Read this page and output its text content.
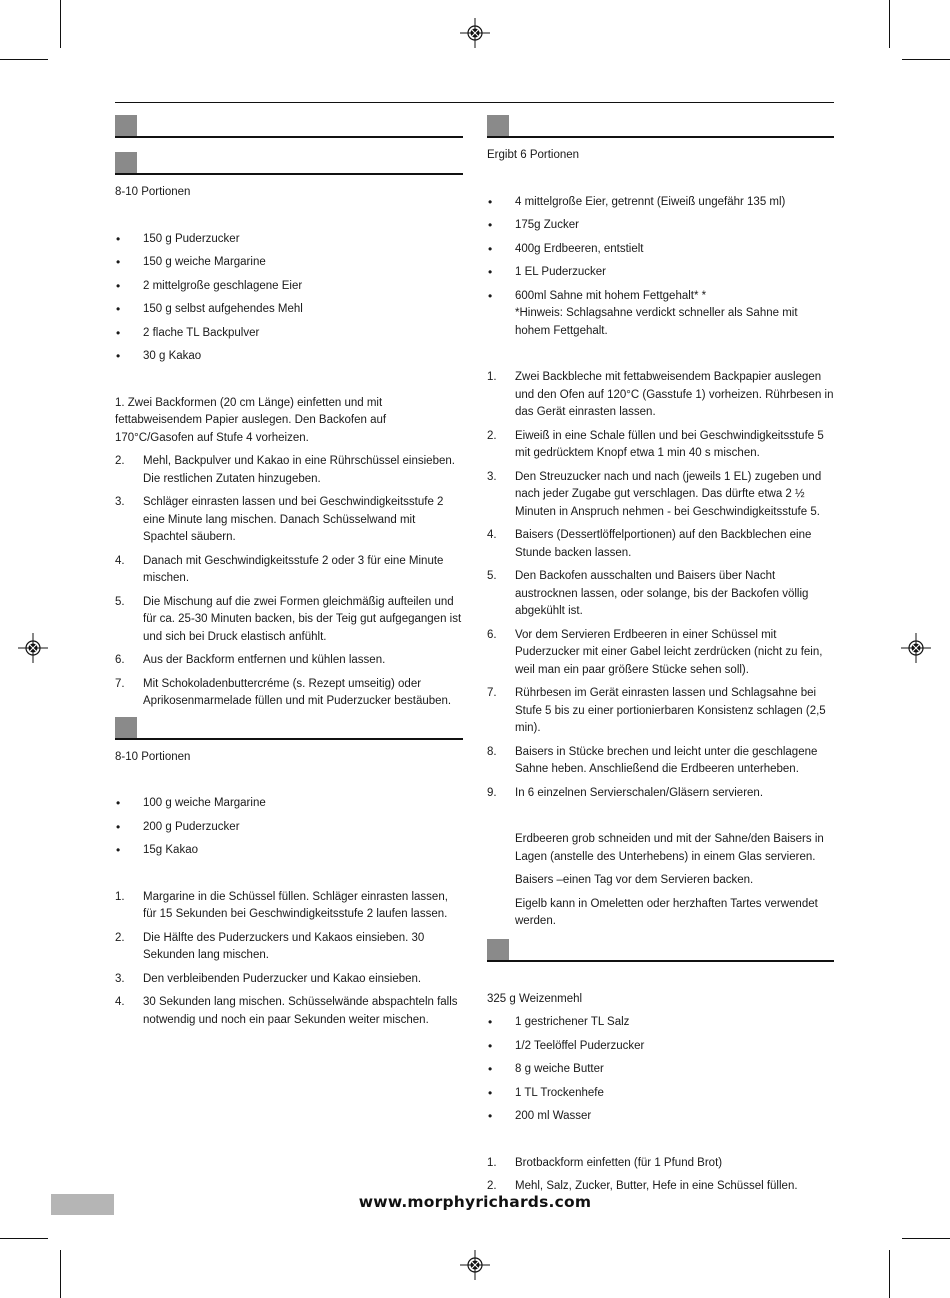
8-10 Portionen

• 150 g Puderzucker

• 150 g weiche Margarine

• 2 mittelgroße geschlagene Eier

• 150 g selbst aufgehendes Mehl

• 2 flache TL Backpulver

• 30 g Kakao

1. Zwei Backformen (20 cm Länge) einfetten und mit fettabweisendem Papier auslegen. Den Backofen auf 170°C/Gasofen auf Stufe 4 vorheizen.

2. Mehl, Backpulver und Kakao in eine Rührschüssel einsieben. Die restlichen Zutaten hinzugeben.

3. Schläger einrasten lassen und bei Geschwindigkeitsstufe 2 eine Minute lang mischen. Danach Schüsselwand mit Spachtel säubern.

4. Danach mit Geschwindigkeitsstufe 2 oder 3 für eine Minute mischen.

5. Die Mischung auf die zwei Formen gleichmäßig aufteilen und für ca. 25-30 Minuten backen, bis der Teig gut aufgegangen ist und sich bei Druck elastisch anfühlt.

6. Aus der Backform entfernen und kühlen lassen.

7. Mit Schokoladenbuttercréme (s. Rezept umseitig) oder Aprikosenmarmelade füllen und mit Puderzucker bestäuben.

8-10 Portionen

• 100 g weiche Margarine

• 200 g Puderzucker

• 15g Kakao

1. Margarine in die Schüssel füllen. Schläger einrasten lassen, für 15 Sekunden bei Geschwindigkeitsstufe 2 laufen lassen.

2. Die Hälfte des Puderzuckers und Kakaos einsieben. 30 Sekunden lang mischen.

3. Den verbleibenden Puderzucker und Kakao einsieben.

4. 30 Sekunden lang mischen. Schüsselwände abspachteln falls notwendig und noch ein paar Sekunden weiter mischen.

Ergibt 6 Portionen

• 4 mittelgroße Eier, getrennt (Eiweiß ungefähr 135 ml)

• 175g Zucker

• 400g Erdbeeren, entstielt

• 1 EL Puderzucker

• 600ml Sahne mit hohem Fettgehalt* *

*Hinweis: Schlagsahne verdickt schneller als Sahne mit hohem Fettgehalt.

1. Zwei Backbleche mit fettabweisendem Backpapier auslegen und den Ofen auf 120°C (Gasstufe 1) vorheizen. Rührbesen in das Gerät einrasten lassen.

2. Eiweiß in eine Schale füllen und bei Geschwindigkeitsstufe 5 mit gedrücktem Knopf etwa 1 min 40 s mischen.

3. Den Streuzucker nach und nach (jeweils 1 EL) zugeben und nach jeder Zugabe gut verschlagen. Das dürfte etwa 2 ½ Minuten in Anspruch nehmen - bei Geschwindigkeitsstufe 5.

4. Baisers (Dessertlöffelportionen) auf den Backblechen eine Stunde backen lassen.

5. Den Backofen ausschalten und Baisers über Nacht austrocknen lassen, oder solange, bis der Backofen völlig abgekühlt ist.

6. Vor dem Servieren Erdbeeren in einer Schüssel mit Puderzucker mit einer Gabel leicht zerdrücken (nicht zu fein, weil man ein paar größere Stücke sehen soll).

7. Rührbesen im Gerät einrasten lassen und Schlagsahne bei Stufe 5 bis zu einer portionierbaren Konsistenz schlagen (2,5 min).

8. Baisers in Stücke brechen und leicht unter die geschlagene Sahne heben. Anschließend die Erdbeeren unterheben.

9. In 6 einzelnen Servierschalen/Gläsern servieren.

Erdbeeren grob schneiden und mit der Sahne/den Baisers in Lagen (anstelle des Unterhebens) in einem Glas servieren.

Baisers –einen Tag vor dem Servieren backen.

Eigelb kann in Omeletten oder herzhaften Tartes verwendet werden.

325 g Weizenmehl

• 1 gestrichener TL Salz

• 1/2 Teelöffel Puderzucker

• 8 g weiche Butter

• 1 TL Trockenhefe

• 200 ml Wasser

1. Brotbackform einfetten (für 1 Pfund Brot)

2. Mehl, Salz, Zucker, Butter, Hefe in eine Schüssel füllen.

www.morphyrichards.com
